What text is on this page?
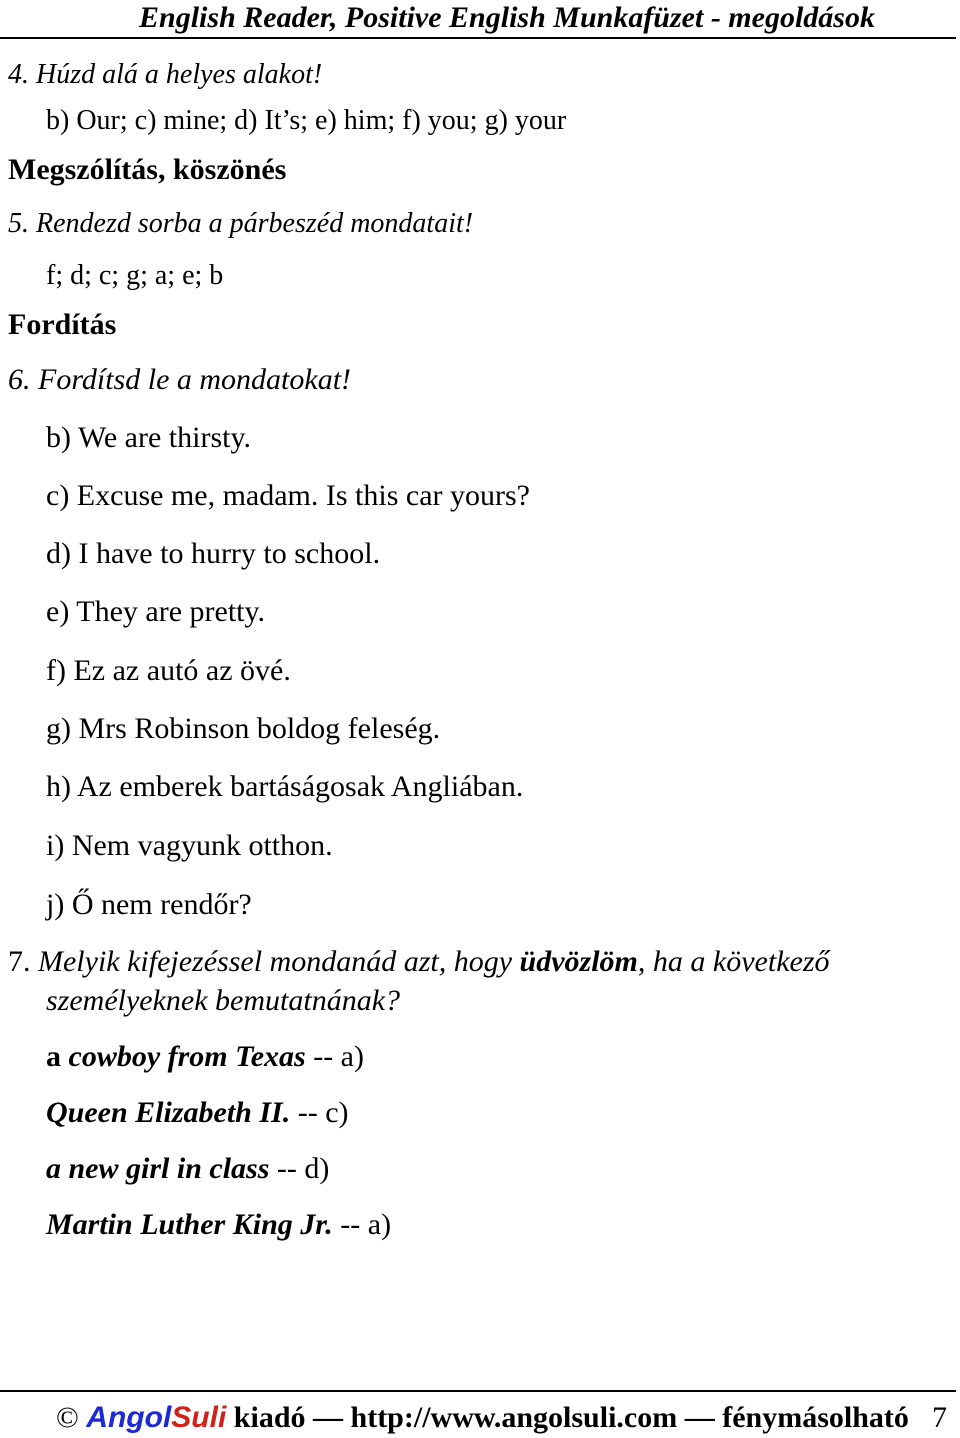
English Reader, Positive English Munkafüzet - megoldások
4. Húzd alá a helyes alakot!
b) Our; c) mine; d) It’s; e) him; f) you; g) your
Megszólítás, köszönés
5. Rendezd sorba a párbeszéd mondatait!
f; d; c; g; a; e; b
Fordítás
6. Fordítsd le a mondatokat!
b) We are thirsty.
c) Excuse me, madam. Is this car yours?
d) I have to hurry to school.
e) They are pretty.
f) Ez az autó az övé.
g) Mrs Robinson boldog feleség.
h) Az emberek bartáságosak Angliában.
i) Nem vagyunk otthon.
j) Ő nem rendőr?
7. Melyik kifejezéssel mondanád azt, hogy üdvözlöm, ha a következő
személyeknek bemutatnának?
a cowboy from Texas -- a)
Queen Elizabeth II. -- c)
a new girl in class -- d)
Martin Luther King Jr. -- a)
© AngolSuli kiadó — http://www.angolsuli.com — fénymásolható 7
